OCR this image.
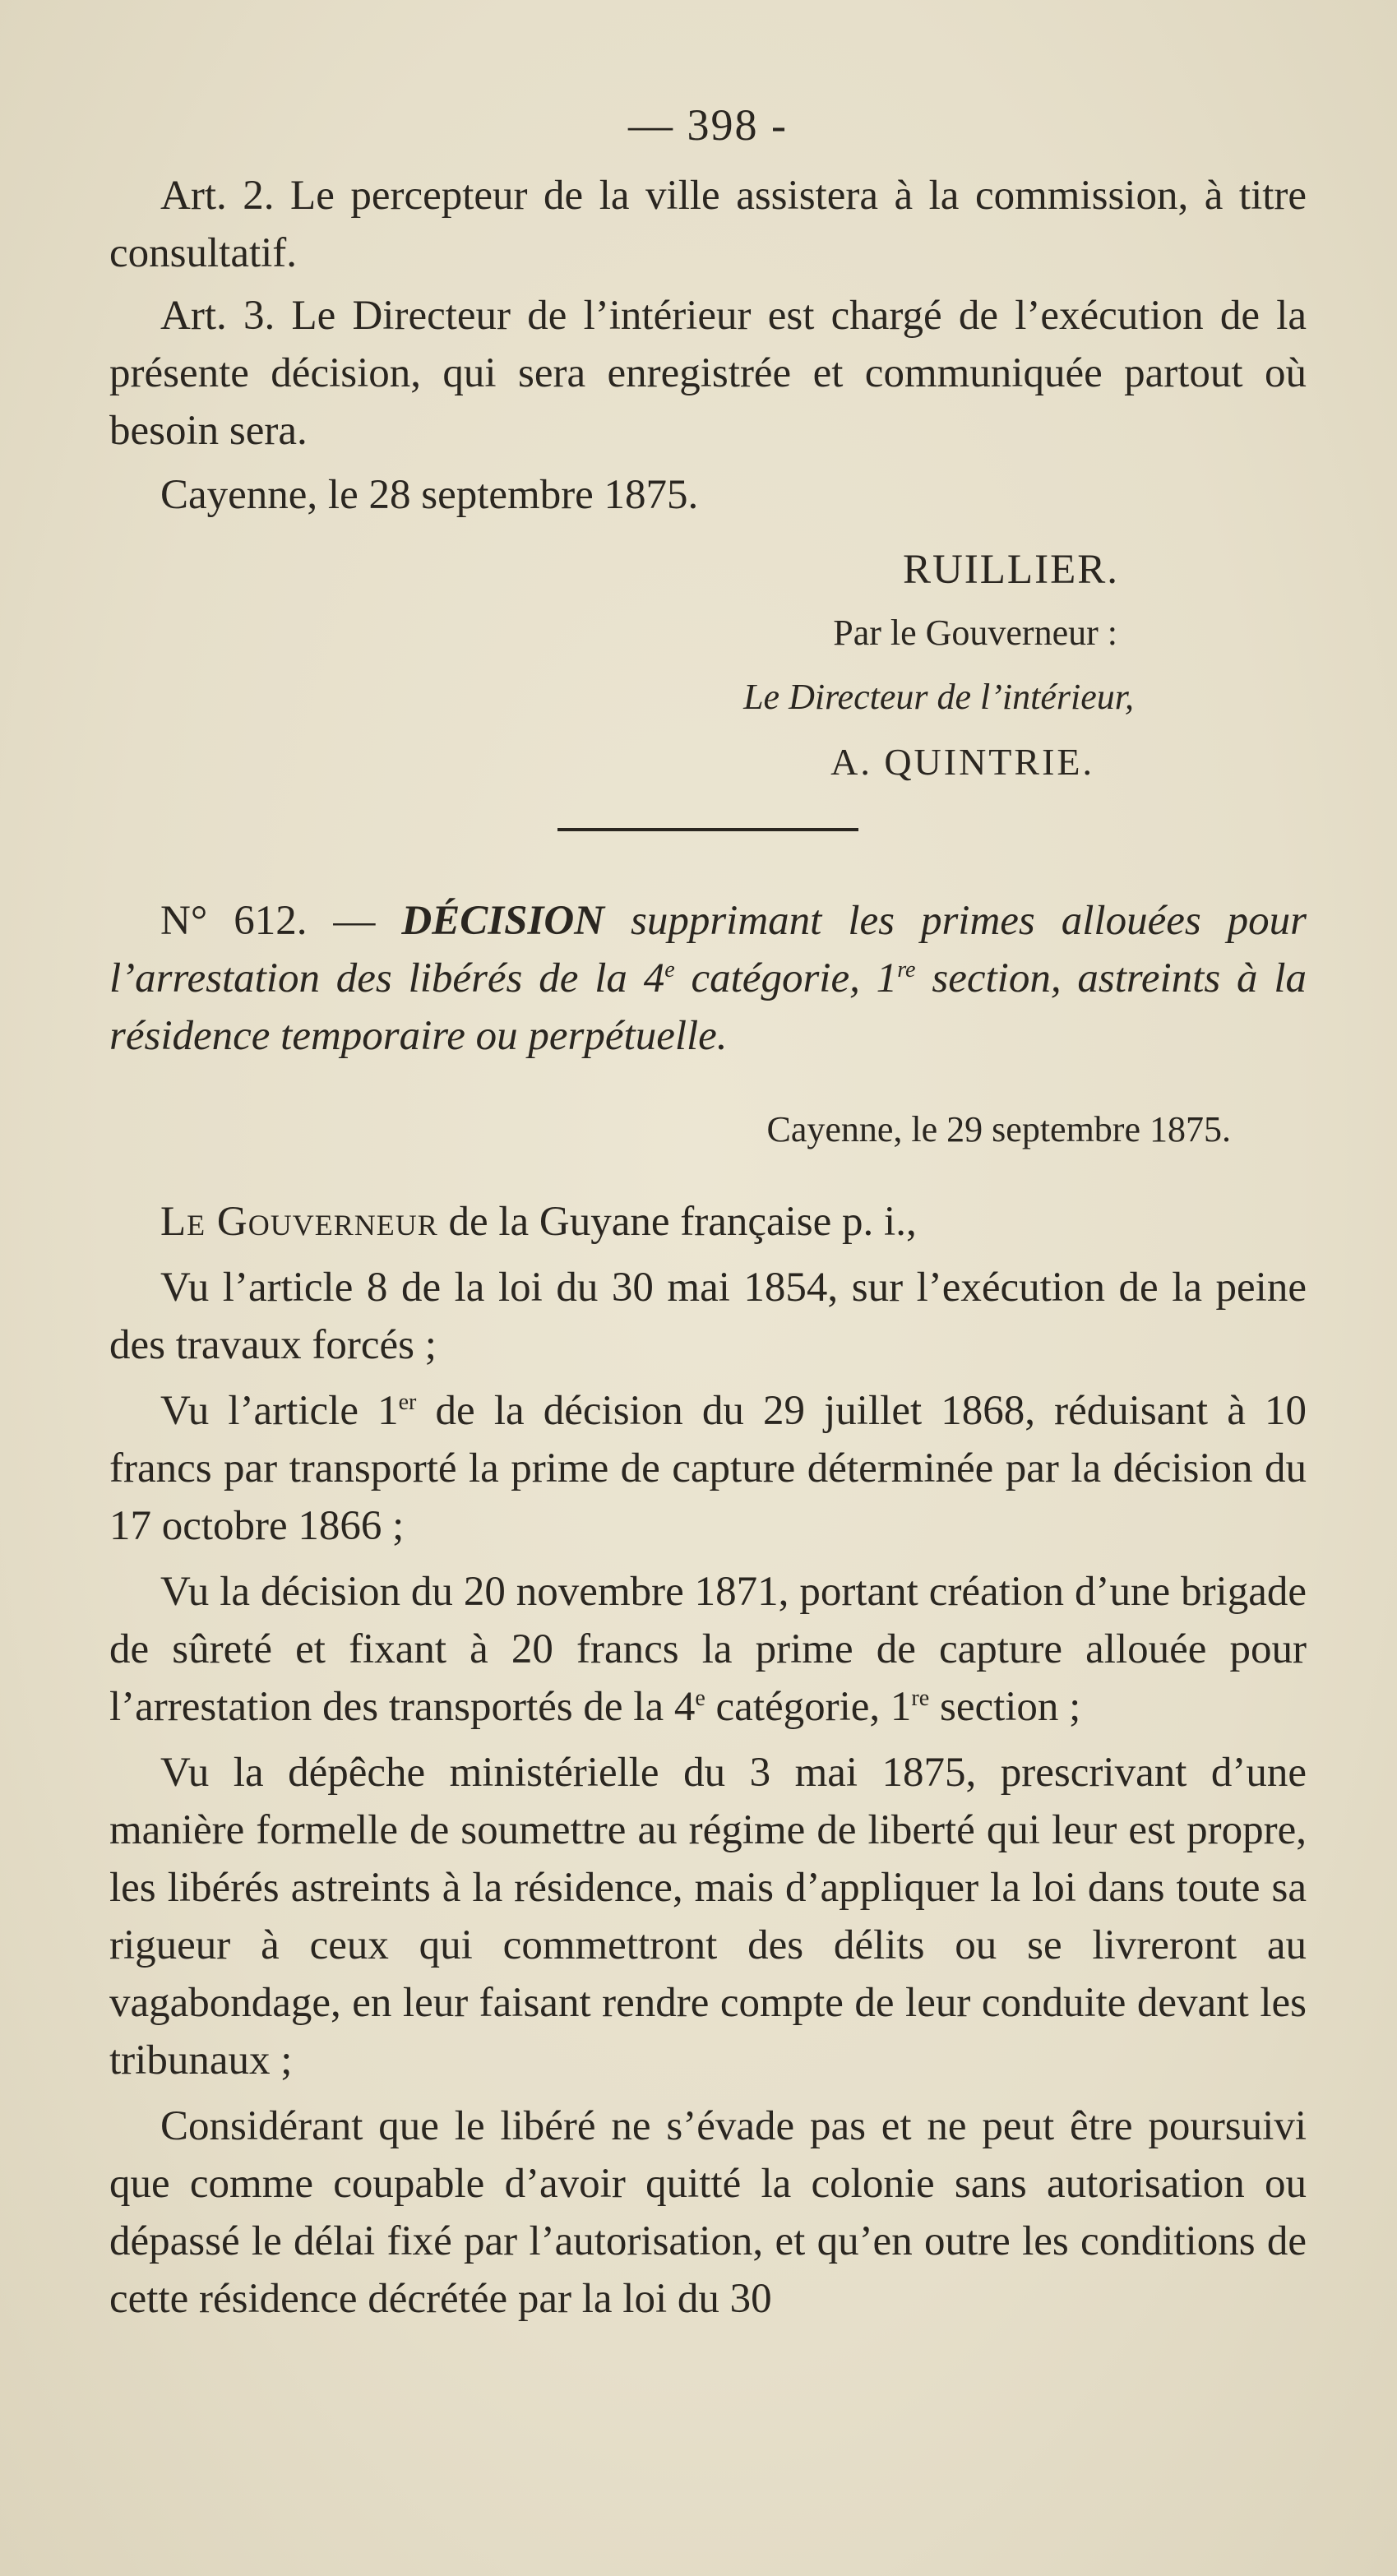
— 398 -

Art. 2. Le percepteur de la ville assistera à la commission, à titre consultatif.

Art. 3. Le Directeur de l’intérieur est chargé de l’exécution de la présente décision, qui sera enregistrée et communiquée partout où besoin sera.

Cayenne, le 28 septembre 1875.

RUILLIER.
Par le Gouverneur :
Le Directeur de l’intérieur,
A. QUINTRIE.

N° 612. — DÉCISION supprimant les primes allouées pour l’arrestation des libérés de la 4e catégorie, 1re section, astreints à la résidence temporaire ou perpétuelle.

Cayenne, le 29 septembre 1875.

Le Gouverneur de la Guyane française p. i.,

Vu l’article 8 de la loi du 30 mai 1854, sur l’exécution de la peine des travaux forcés ;

Vu l’article 1er de la décision du 29 juillet 1868, réduisant à 10 francs par transporté la prime de capture déterminée par la décision du 17 octobre 1866 ;

Vu la décision du 20 novembre 1871, portant création d’une brigade de sûreté et fixant à 20 francs la prime de capture allouée pour l’arrestation des transportés de la 4e catégorie, 1re section ;

Vu la dépêche ministérielle du 3 mai 1875, prescrivant d’une manière formelle de soumettre au régime de liberté qui leur est propre, les libérés astreints à la résidence, mais d’appliquer la loi dans toute sa rigueur à ceux qui commettront des délits ou se livreront au vagabondage, en leur faisant rendre compte de leur conduite devant les tribunaux ;

Considérant que le libéré ne s’évade pas et ne peut être poursuivi que comme coupable d’avoir quitté la colonie sans autorisation ou dépassé le délai fixé par l’autorisation, et qu’en outre les conditions de cette résidence décrétée par la loi du 30
